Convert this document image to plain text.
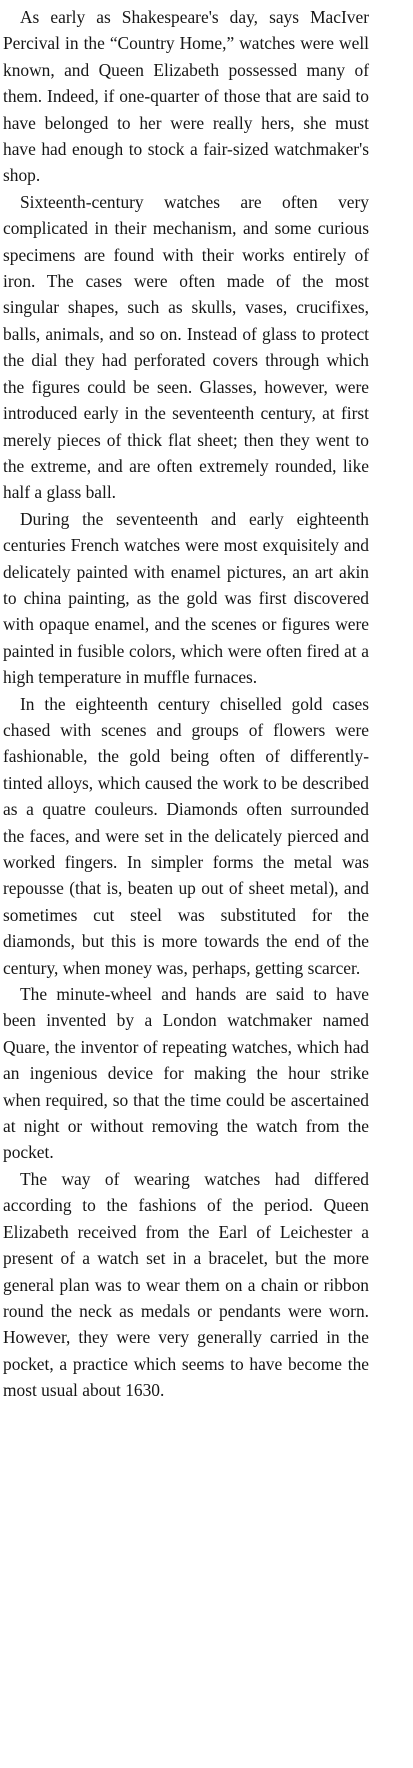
As early as Shakespeare's day, says MacIver Percival in the “Country Home,” watches were well known, and Queen Elizabeth possessed many of them. Indeed, if one-quarter of those that are said to have belonged to her were really hers, she must have had enough to stock a fair-sized watchmaker's shop.

Sixteenth-century watches are often very complicated in their mechanism, and some curious specimens are found with their works entirely of iron. The cases were often made of the most singular shapes, such as skulls, vases, crucifixes, balls, animals, and so on. Instead of glass to protect the dial they had perforated covers through which the figures could be seen. Glasses, however, were introduced early in the seventeenth century, at first merely pieces of thick flat sheet; then they went to the extreme, and are often extremely rounded, like half a glass ball.

During the seventeenth and early eighteenth centuries French watches were most exquisitely and delicately painted with enamel pictures, an art akin to china painting, as the gold was first discovered with opaque enamel, and the scenes or figures were painted in fusible colors, which were often fired at a high temperature in muffle furnaces.

In the eighteenth century chiselled gold cases chased with scenes and groups of flowers were fashionable, the gold being often of differently-tinted alloys, which caused the work to be described as a quatre couleurs. Diamonds often surrounded the faces, and were set in the delicately pierced and worked fingers. In simpler forms the metal was repousse (that is, beaten up out of sheet metal), and sometimes cut steel was substituted for the diamonds, but this is more towards the end of the century, when money was, perhaps, getting scarcer.

The minute-wheel and hands are said to have been invented by a London watchmaker named Quare, the inventor of repeating watches, which had an ingenious device for making the hour strike when required, so that the time could be ascertained at night or without removing the watch from the pocket.

The way of wearing watches had differed according to the fashions of the period. Queen Elizabeth received from the Earl of Leichester a present of a watch set in a bracelet, but the more general plan was to wear them on a chain or ribbon round the neck as medals or pendants were worn. However, they were very generally carried in the pocket, a practice which seems to have become the most usual about 1630.
